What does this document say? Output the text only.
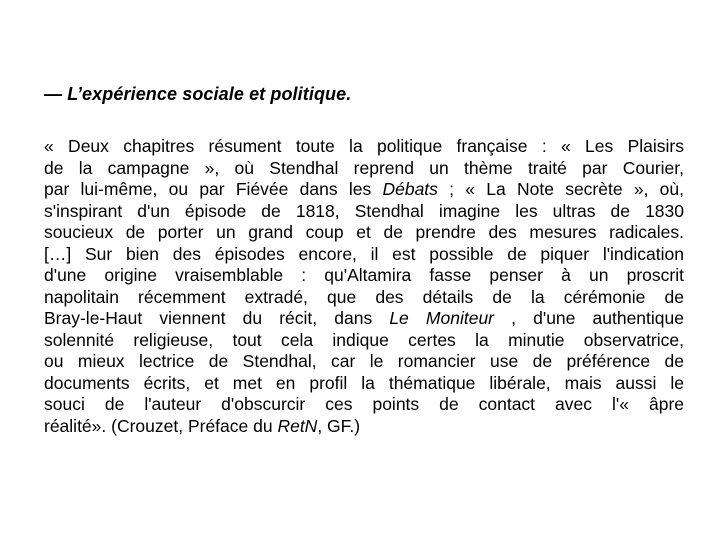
— L’expérience sociale et politique.
« Deux chapitres résument toute la politique française : « Les Plaisirs
de la campagne », où Stendhal reprend un thème traité par Courier,
par lui-même, ou par Fiévée dans les Débats ; « La Note secrète », où,
s'inspirant d'un épisode de 1818, Stendhal imagine les ultras de 1830
soucieux de porter un grand coup et de prendre des mesures radicales.
[…] Sur bien des épisodes encore, il est possible de piquer l'indication
d'une origine vraisemblable : qu'Altamira fasse penser à un proscrit
napolitain récemment extradé, que des détails de la cérémonie de
Bray-le-Haut viennent du récit, dans Le Moniteur , d'une authentique
solennité religieuse, tout cela indique certes la minutie observatrice,
ou mieux lectrice de Stendhal, car le romancier use de préférence de
documents écrits, et met en profil la thématique libérale, mais aussi le
souci de l'auteur d'obscurcir ces points de contact avec l'« âpre
réalité». (Crouzet, Préface du RetN, GF.)
